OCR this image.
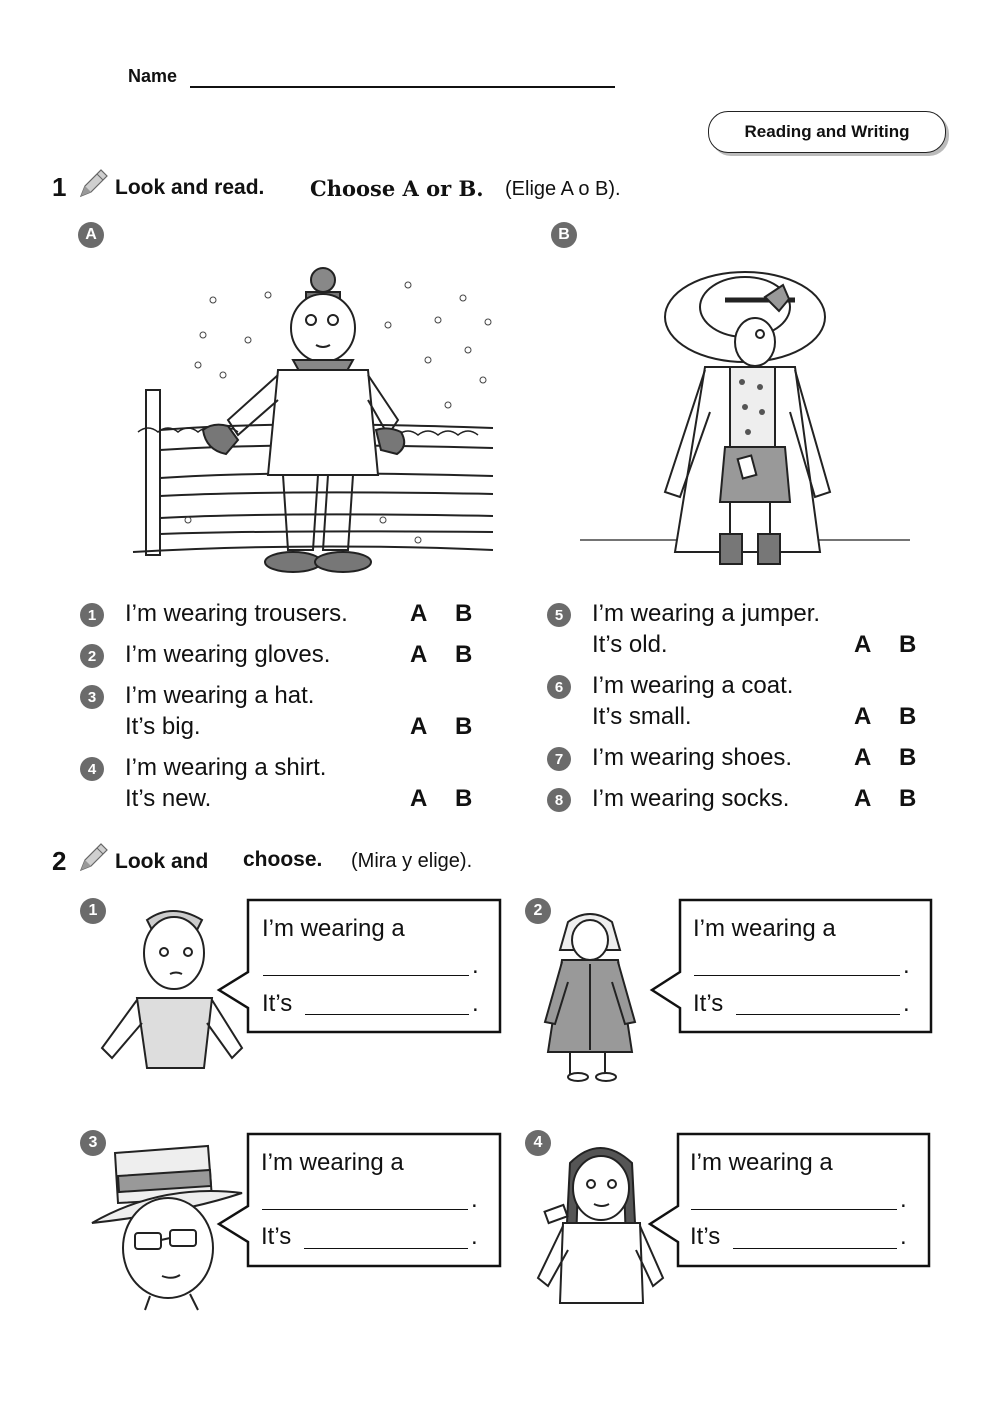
Name
Reading and Writing
1 Look and read. Choose A or B. (Elige A o B).
A	B
1	I’m wearing trousers.	A B
2	I’m wearing gloves.	A B
3	I’m wearing a hat.
It’s big.	A B
4	I’m wearing a shirt.
It’s new.	A B
5	I’m wearing a jumper.
It’s old.	A B
6	I’m wearing a coat.
It’s small.	A B
7	I’m wearing shoes.	A B
8	I’m wearing socks.	A B
2 Look and choose. (Mira y elige).
1
I’m wearing a
.
It’s	.
2
I’m wearing a
.
It’s	.
3
I’m wearing a
.
It’s	.
4
I’m wearing a
.
It’s	.
